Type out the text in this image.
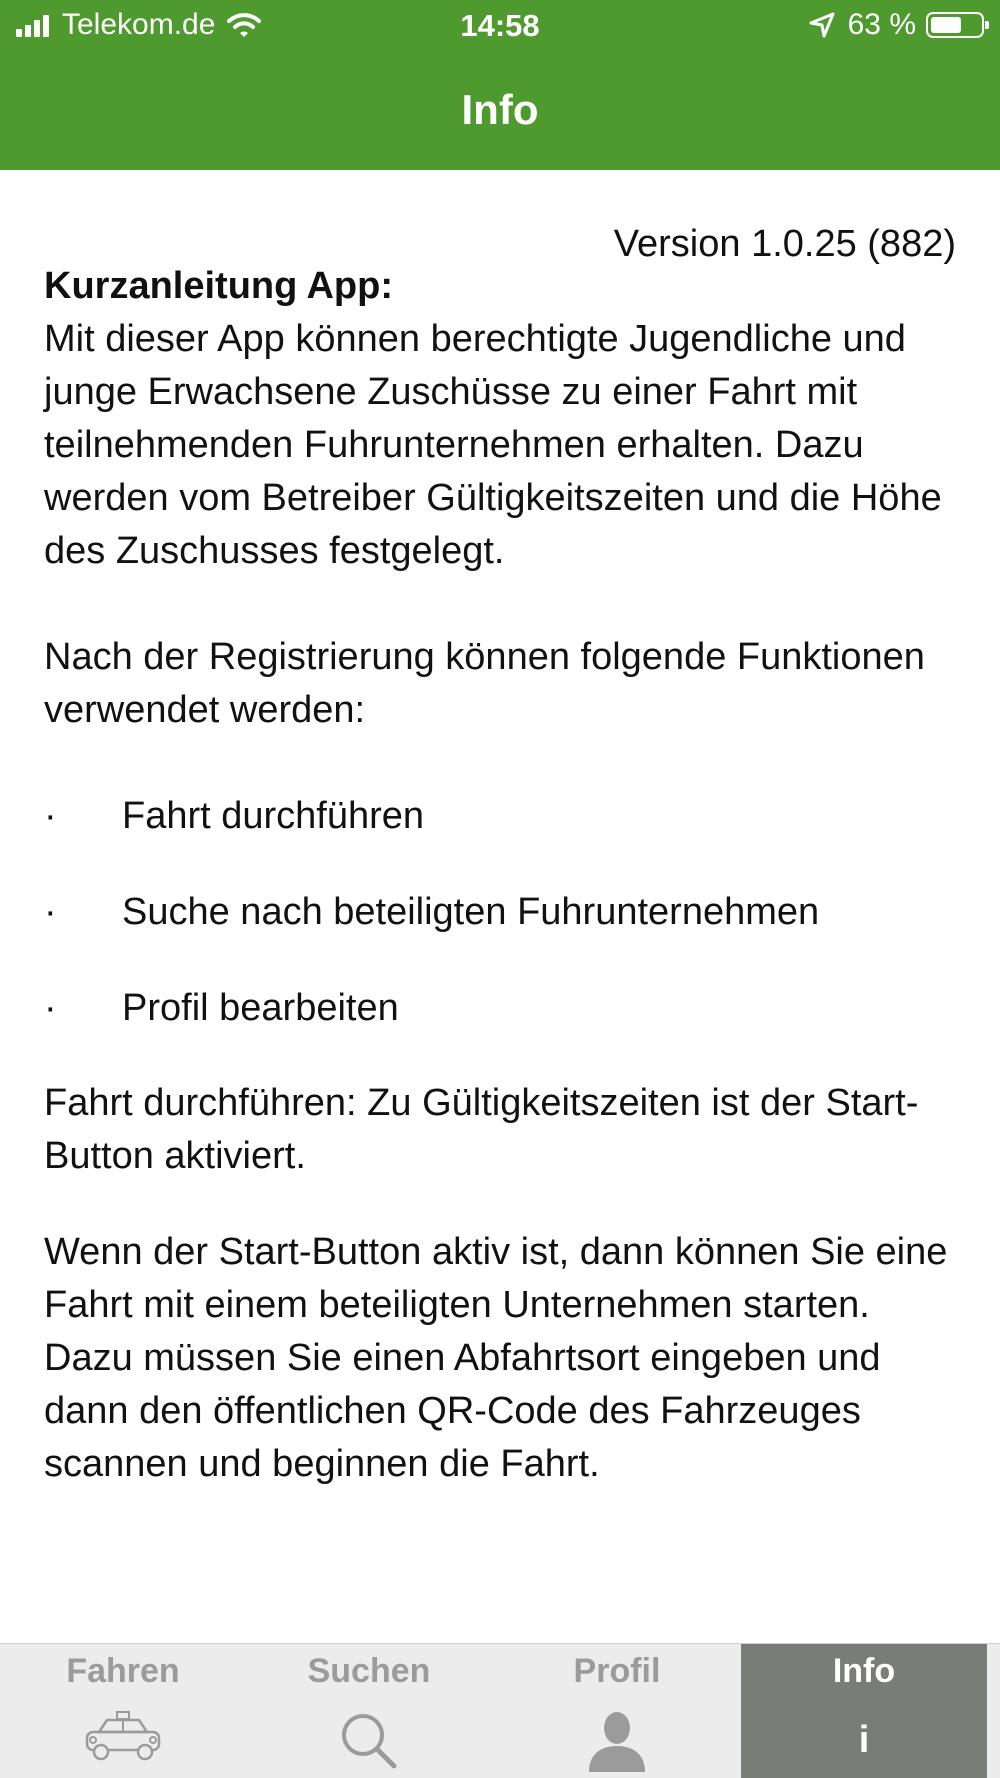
Telekom.de	14:58	63 %
Info
Version 1.0.25 (882)
Kurzanleitung App:

Mit dieser App können berechtigte Jugendliche und junge Erwachsene Zuschüsse zu einer Fahrt mit teilnehmenden Fuhrunternehmen erhalten. Dazu werden vom Betreiber Gültigkeitszeiten und die Höhe des Zuschusses festgelegt.

Nach der Registrierung können folgende Funktionen verwendet werden:

· Fahrt durchführen
· Suche nach beteiligten Fuhrunternehmen
· Profil bearbeiten

Fahrt durchführen: Zu Gültigkeitszeiten ist der Start-Button aktiviert.

Wenn der Start-Button aktiv ist, dann können Sie eine Fahrt mit einem beteiligten Unternehmen starten. Dazu müssen Sie einen Abfahrtsort eingeben und dann den öffentlichen QR-Code des Fahrzeuges scannen und beginnen die Fahrt.

Fahren	Suchen	Profil	Info
i
